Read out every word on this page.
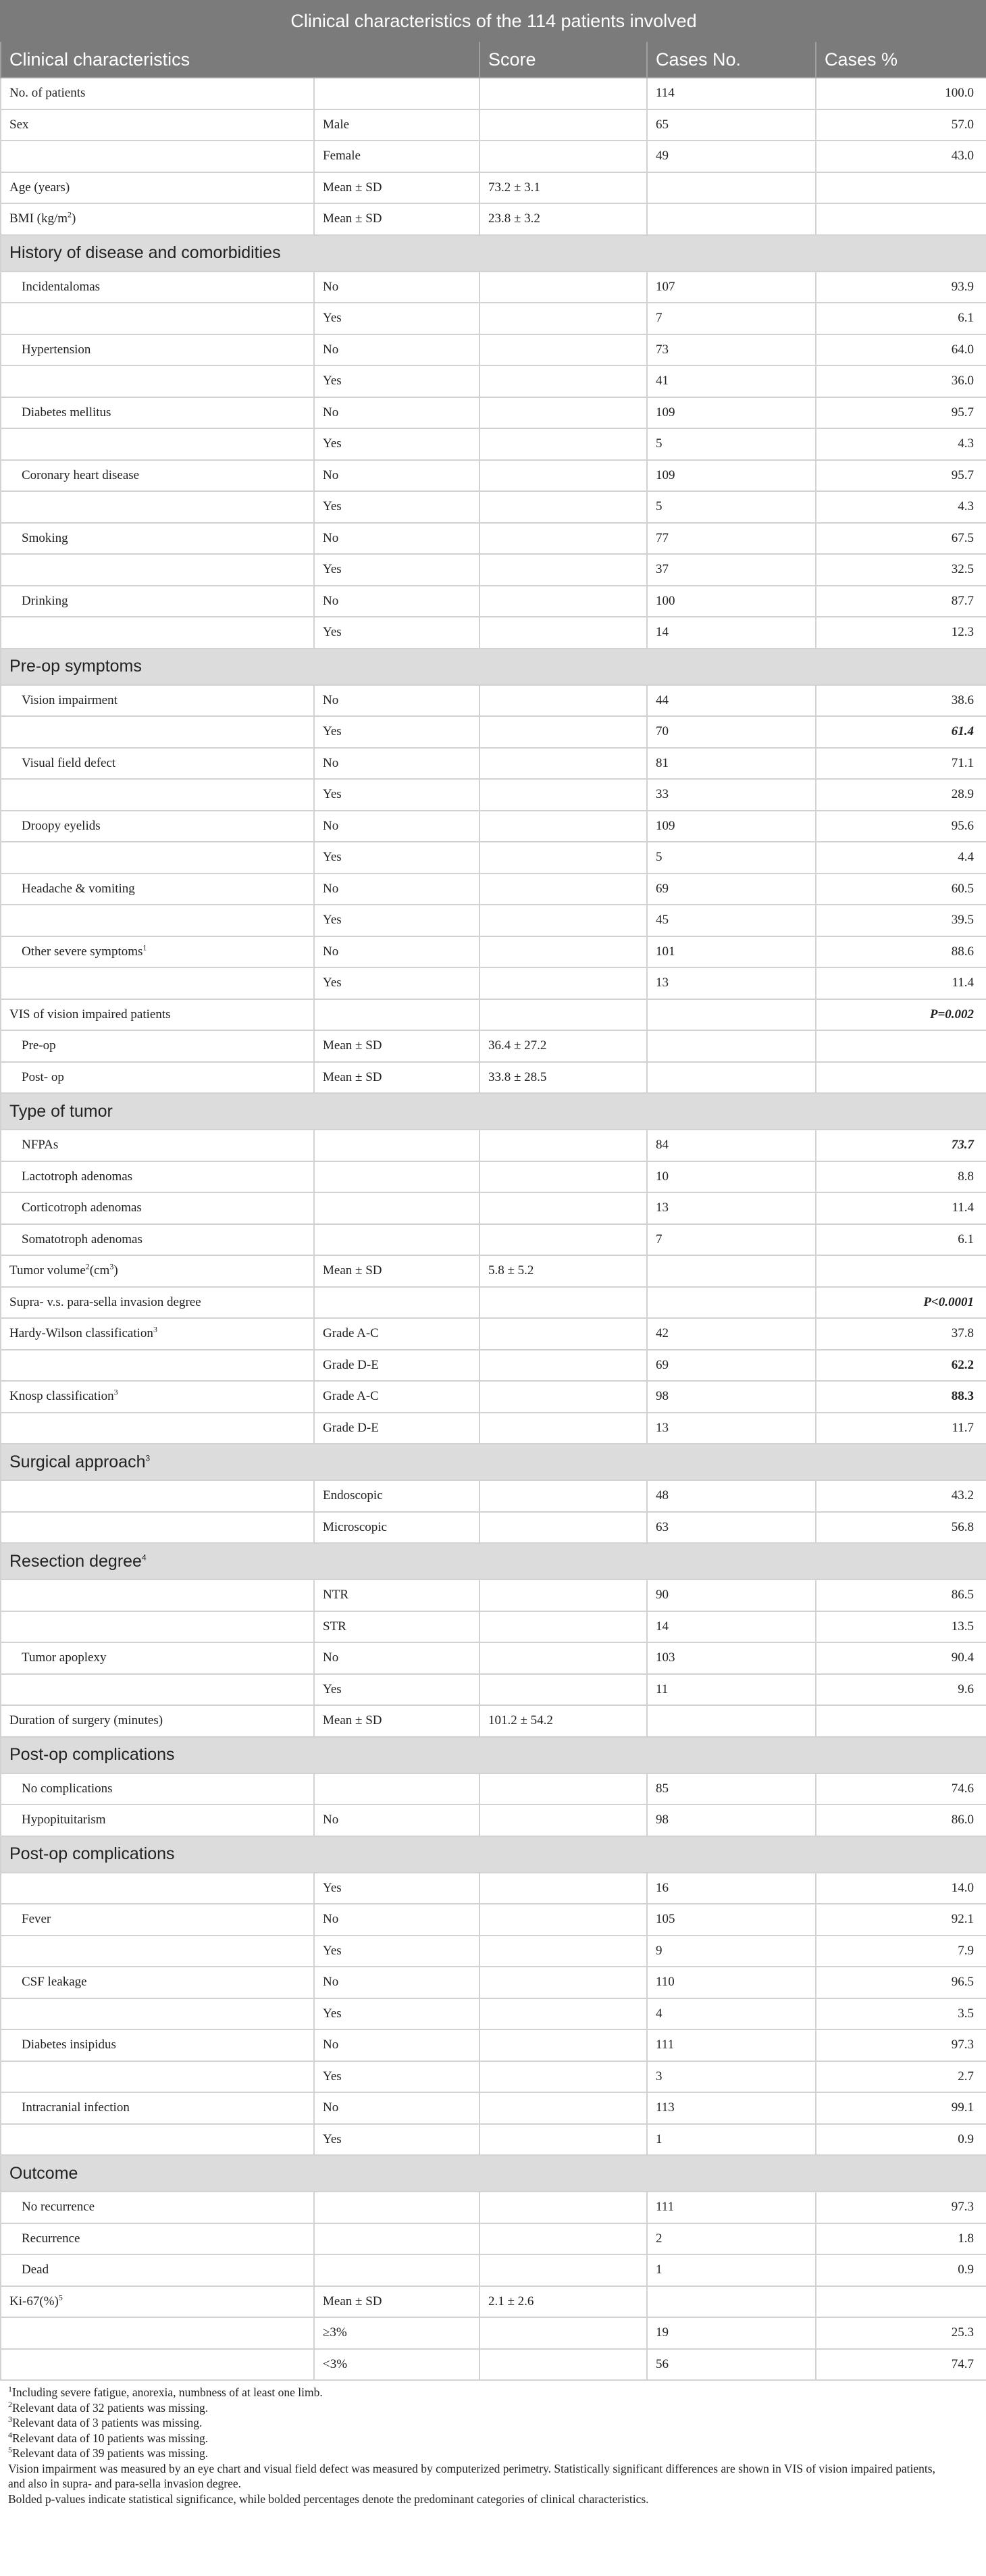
Clinical characteristics of the 114 patients involved				
Clinical characteristics		Score	Cases No.	Cases %
No. of patients			114	100.0
Sex	Male		65	57.0
	Female		49	43.0
Age (years)	Mean ± SD	73.2 ± 3.1		
BMI $(kg/m^2)$	Mean ± SD	23.8 ± 3.2		
History of disease and comorbidities				
Incidentalomas	No		107	93.9
	Yes		7	6.1
Hypertension	No		73	64.0
	Yes		41	36.0
Diabetes mellitus	No		109	95.7
	Yes		5	4.3
Coronary heart disease	No		109	95.7
	Yes		5	4.3
Smoking	No		77	67.5
	Yes		37	32.5
Drinking	No		100	87.7
	Yes		14	12.3
Pre-op symptoms				
Vision impairment	No		44	38.6
	Yes		70	61.4
Visual field defect	No		81	71.1
	Yes		33	28.9
Droopy eyelids	No		109	95.6
	Yes		5	4.4
Headache & vomiting	No		69	60.5
	Yes		45	39.5
Other severe symptoms$^1$	No		101	88.6
	Yes		13	11.4
VIS of vision impaired patients				P=0.002
Pre-op	Mean ± SD	36.4 ± 27.2		
Post- op	Mean ± SD	33.8 ± 28.5		
Type of tumor				
NFPAs			84	73.7
Lactotroph adenomas			10	8.8
Corticotroph adenomas			13	11.4
Somatotroph adenomas			7	6.1
Tumor $volume^2(cm^3)$	Mean ± SD	5.8 ± 5.2		
Supra- v.s. para-sella invasion degree				P<0.0001
Hardy-Wilson classification$^3$	Grade A-C		42	37.8
	Grade D-E		69	62.2
Knosp classification$^3$	Grade A-C		98	88.3
	Grade D-E		13	11.7
Surgical approach$^3$
	Endoscopic		48	43.2
	Microscopic		63	56.8
Resection degree$^4$
	NTR		90	86.5
	STR		14	13.5
Tumor apoplexy	No		103	90.4
	Yes		11	9.6
Duration of surgery (minutes)	Mean ± SD	101.2 ± 54.2		
Post-op complications				
No complications			85	74.6
Hypopituitarism	No		98	86.0
Post-op complications				
	Yes		16	14.0
Fever	No		105	92.1
	Yes		9	7.9
CSF leakage	No		110	96.5
	Yes		4	3.5
Diabetes insipidus	No		111	97.3
	Yes		3	2.7
Intracranial infection	No		113	99.1
	Yes		1	0.9
Outcome				
No recurrence			111	97.3
Recurrence			2	1.8
Dead			1	0.9
Ki-67(%)$^5$	Mean ± SD	2.1 ± 2.6		
	≥3%		19	25.3
	<3%		56	74.7
$^1$Including severe fatigue, anorexia, numbness of at least one limb.
$^2$Relevant data of 32 patients was missing.
$^3$Relevant data of 3 patients was missing.
$^4$Relevant data of 10 patients was missing.
$^5$Relevant data of 39 patients was missing.
Vision impairment was measured by an eye chart and visual field defect was measured by computerized perimetry. Statistically significant differences are shown in VIS of vision impaired patients,
and also in supra- and para-sella invasion degree.
Bolded p-values indicate statistical significance, while bolded percentages denote the predominant categories of clinical characteristics.
